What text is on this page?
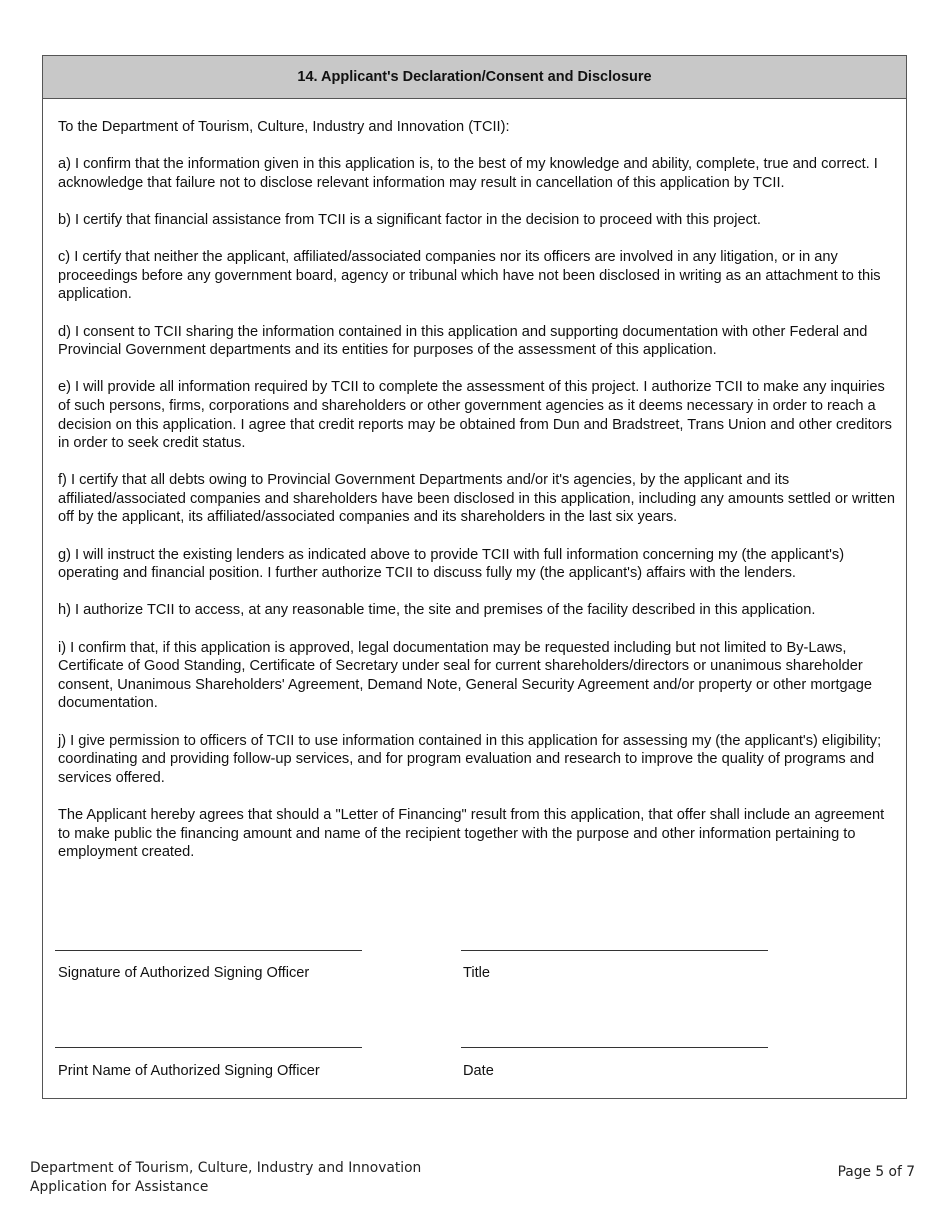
14. Applicant's Declaration/Consent and Disclosure

To the Department of Tourism, Culture, Industry and Innovation (TCII):

a) I confirm that the information given in this application is, to the best of my knowledge and ability, complete, true and correct. I acknowledge that failure not to disclose relevant information may result in cancellation of this application by TCII.

b) I certify that financial assistance from TCII is a significant factor in the decision to proceed with this project.

c) I certify that neither the applicant, affiliated/associated companies nor its officers are involved in any litigation, or in any proceedings before any government board, agency or tribunal which have not been disclosed in writing as an attachment to this application.

d) I consent to TCII sharing the information contained in this application and supporting documentation with other Federal and Provincial Government departments and its entities for purposes of the assessment of this application.

e) I will provide all information required by TCII to complete the assessment of this project. I authorize TCII to make any inquiries of such persons, firms, corporations and shareholders or other government agencies as it deems necessary in order to reach a decision on this application. I agree that credit reports may be obtained from Dun and Bradstreet, Trans Union and other creditors in order to seek credit status.

f) I certify that all debts owing to Provincial Government Departments and/or it's agencies, by the applicant and its affiliated/associated companies and shareholders have been disclosed in this application, including any amounts settled or written off by the applicant, its affiliated/associated companies and its shareholders in the last six years.

g) I will instruct the existing lenders as indicated above to provide TCII with full information concerning my (the applicant's) operating and financial position. I further authorize TCII to discuss fully my (the applicant's) affairs with the lenders.

h) I authorize TCII to access, at any reasonable time, the site and premises of the facility described in this application.

i) I confirm that, if this application is approved, legal documentation may be requested including but not limited to By-Laws, Certificate of Good Standing, Certificate of Secretary under seal for current shareholders/directors or unanimous shareholder consent, Unanimous Shareholders' Agreement, Demand Note, General Security Agreement and/or property or other mortgage documentation.

j) I give permission to officers of TCII to use information contained in this application for assessing my (the applicant's) eligibility; coordinating and providing follow-up services, and for program evaluation and research to improve the quality of programs and services offered.

The Applicant hereby agrees that should a "Letter of Financing" result from this application, that offer shall include an agreement to make public the financing amount and name of the recipient together with the purpose and other information pertaining to employment created.

Signature of Authorized Signing Officer	Title
Print Name of Authorized Signing Officer	Date
Department of Tourism, Culture, Industry and Innovation
Application for Assistance
Page 5 of 7
